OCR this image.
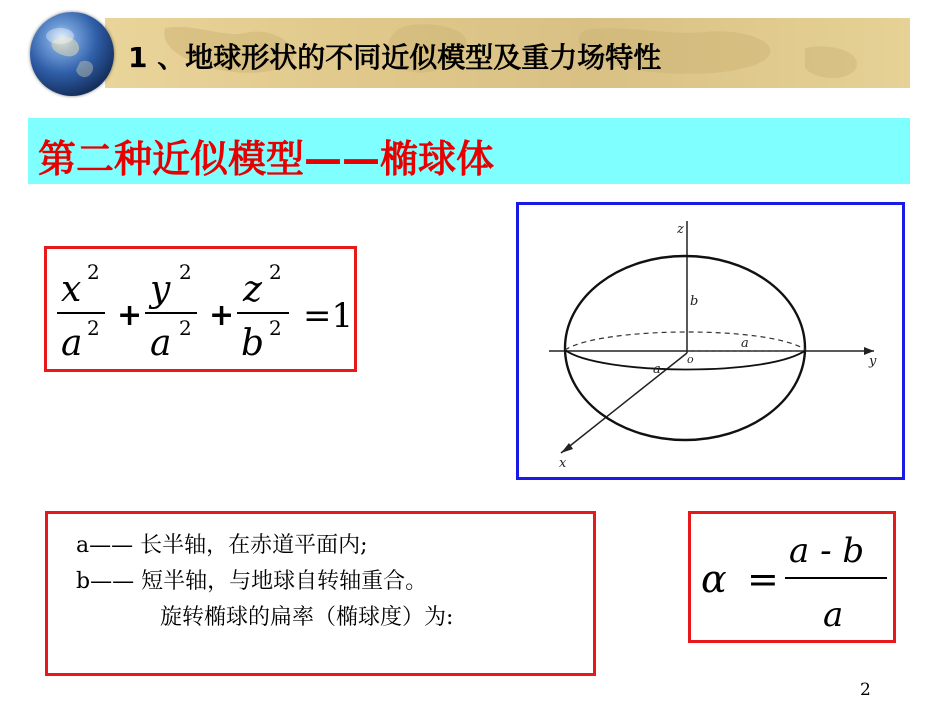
1 、地球形状的不同近似模型及重力场特性
第二种近似模型——椭球体
x
a
y
a
z
b
2
2
2
2
2
2
+ + =1
z
y
x
b
a
a
o
a—— 长半轴，在赤道平面内;
b—— 短半轴，与地球自转轴重合。
旋转椭球的扁率（椭球度）为:
α =
a - b
a
2
